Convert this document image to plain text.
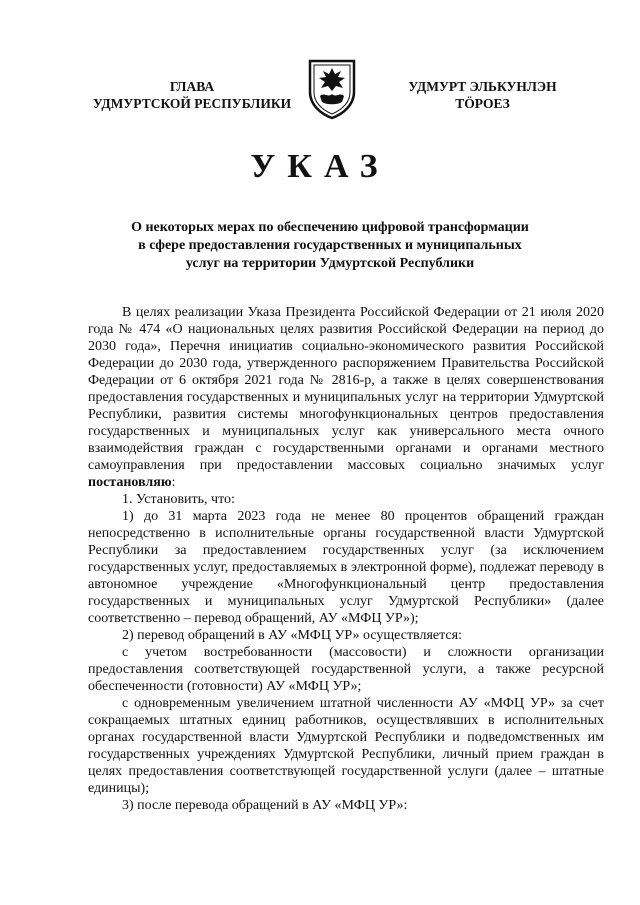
ГЛАВА
УДМУРТСКОЙ РЕСПУБЛИКИ
УДМУРТ ЭЛЬКУНЛЭН
ТӦРОЕЗ
УКАЗ
О некоторых мерах по обеспечению цифровой трансформации
в сфере предоставления государственных и муниципальных
услуг на территории Удмуртской Республики

В целях реализации Указа Президента Российской Федерации от 21 июля 2020 года № 474 «О национальных целях развития Российской Федерации на период до 2030 года», Перечня инициатив социально-экономического развития Российской Федерации до 2030 года, утвержденного распоряжением Правительства Российской Федерации от 6 октября 2021 года № 2816-р, а также в целях совершенствования предоставления государственных и муниципальных услуг на территории Удмуртской Республики, развития системы многофункциональных центров предоставления государственных и муниципальных услуг как универсального места очного взаимодействия граждан с государственными органами и органами местного самоуправления при предоставлении массовых социально значимых услуг постановляю:

1. Установить, что:

1) до 31 марта 2023 года не менее 80 процентов обращений граждан непосредственно в исполнительные органы государственной власти Удмуртской Республики за предоставлением государственных услуг (за исключением государственных услуг, предоставляемых в электронной форме), подлежат переводу в автономное учреждение «Многофункциональный центр предоставления государственных и муниципальных услуг Удмуртской Республики» (далее соответственно – перевод обращений, АУ «МФЦ УР»);

2) перевод обращений в АУ «МФЦ УР» осуществляется:

с учетом востребованности (массовости) и сложности организации предоставления соответствующей государственной услуги, а также ресурсной обеспеченности (готовности) АУ «МФЦ УР»;

с одновременным увеличением штатной численности АУ «МФЦ УР» за счет сокращаемых штатных единиц работников, осуществлявших в исполнительных органах государственной власти Удмуртской Республики и подведомственных им государственных учреждениях Удмуртской Республики, личный прием граждан в целях предоставления соответствующей государственной услуги (далее – штатные единицы);

3) после перевода обращений в АУ «МФЦ УР»:
